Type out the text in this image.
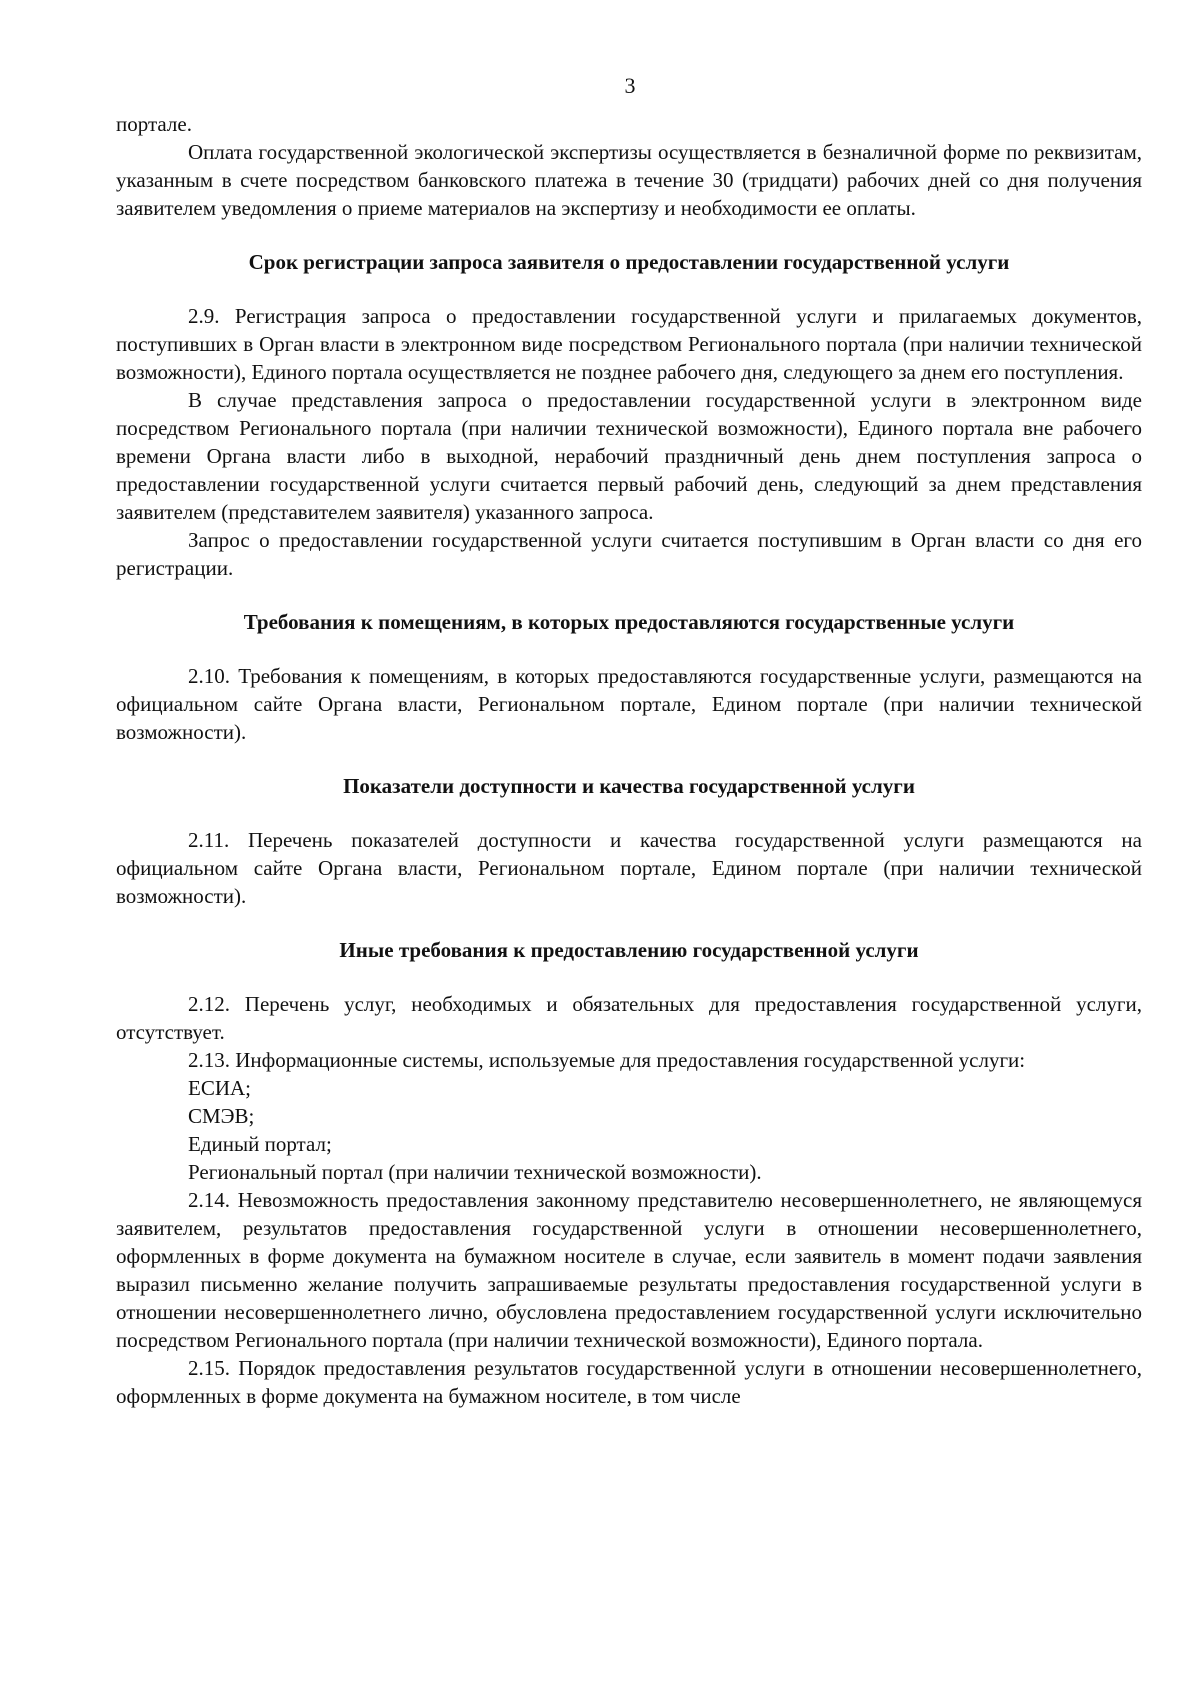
3

порталe.

Оплата государственной экологической экспертизы осуществляется в безналичной форме по реквизитам, указанным в счете посредством банковского платежа в течение 30 (тридцати) рабочих дней со дня получения заявителем уведомления о приеме материалов на экспертизу и необходимости ее оплаты.

Срок регистрации запроса заявителя о предоставлении государственной услуги

2.9. Регистрация запроса о предоставлении государственной услуги и прилагаемых документов, поступивших в Орган власти в электронном виде посредством Регионального портала (при наличии технической возможности), Единого портала осуществляется не позднее рабочего дня, следующего за днем его поступления.

В случае представления запроса о предоставлении государственной услуги в электронном виде посредством Регионального портала (при наличии технической возможности), Единого портала вне рабочего времени Органа власти либо в выходной, нерабочий праздничный день днем поступления запроса о предоставлении государственной услуги считается первый рабочий день, следующий за днем представления заявителем (представителем заявителя) указанного запроса.

Запрос о предоставлении государственной услуги считается поступившим в Орган власти со дня его регистрации.

Требования к помещениям, в которых предоставляются государственные услуги

2.10. Требования к помещениям, в которых предоставляются государственные услуги, размещаются на официальном сайте Органа власти, Региональном портале, Едином портале (при наличии технической возможности).

Показатели доступности и качества государственной услуги

2.11. Перечень показателей доступности и качества государственной услуги размещаются на официальном сайте Органа власти, Региональном портале, Едином портале (при наличии технической возможности).

Иные требования к предоставлению государственной услуги

2.12. Перечень услуг, необходимых и обязательных для предоставления государственной услуги, отсутствует.

2.13. Информационные системы, используемые для предоставления государственной услуги:

ЕСИА;

СМЭВ;

Единый портал;

Региональный портал (при наличии технической возможности).

2.14. Невозможность предоставления законному представителю несовершеннолетнего, не являющемуся заявителем, результатов предоставления государственной услуги в отношении несовершеннолетнего, оформленных в форме документа на бумажном носителе в случае, если заявитель в момент подачи заявления выразил письменно желание получить запрашиваемые результаты предоставления государственной услуги в отношении несовершеннолетнего лично, обусловлена предоставлением государственной услуги исключительно посредством Регионального портала (при наличии технической возможности), Единого портала.

2.15. Порядок предоставления результатов государственной услуги в отношении несовершеннолетнего, оформленных в форме документа на бумажном носителе, в том числе
